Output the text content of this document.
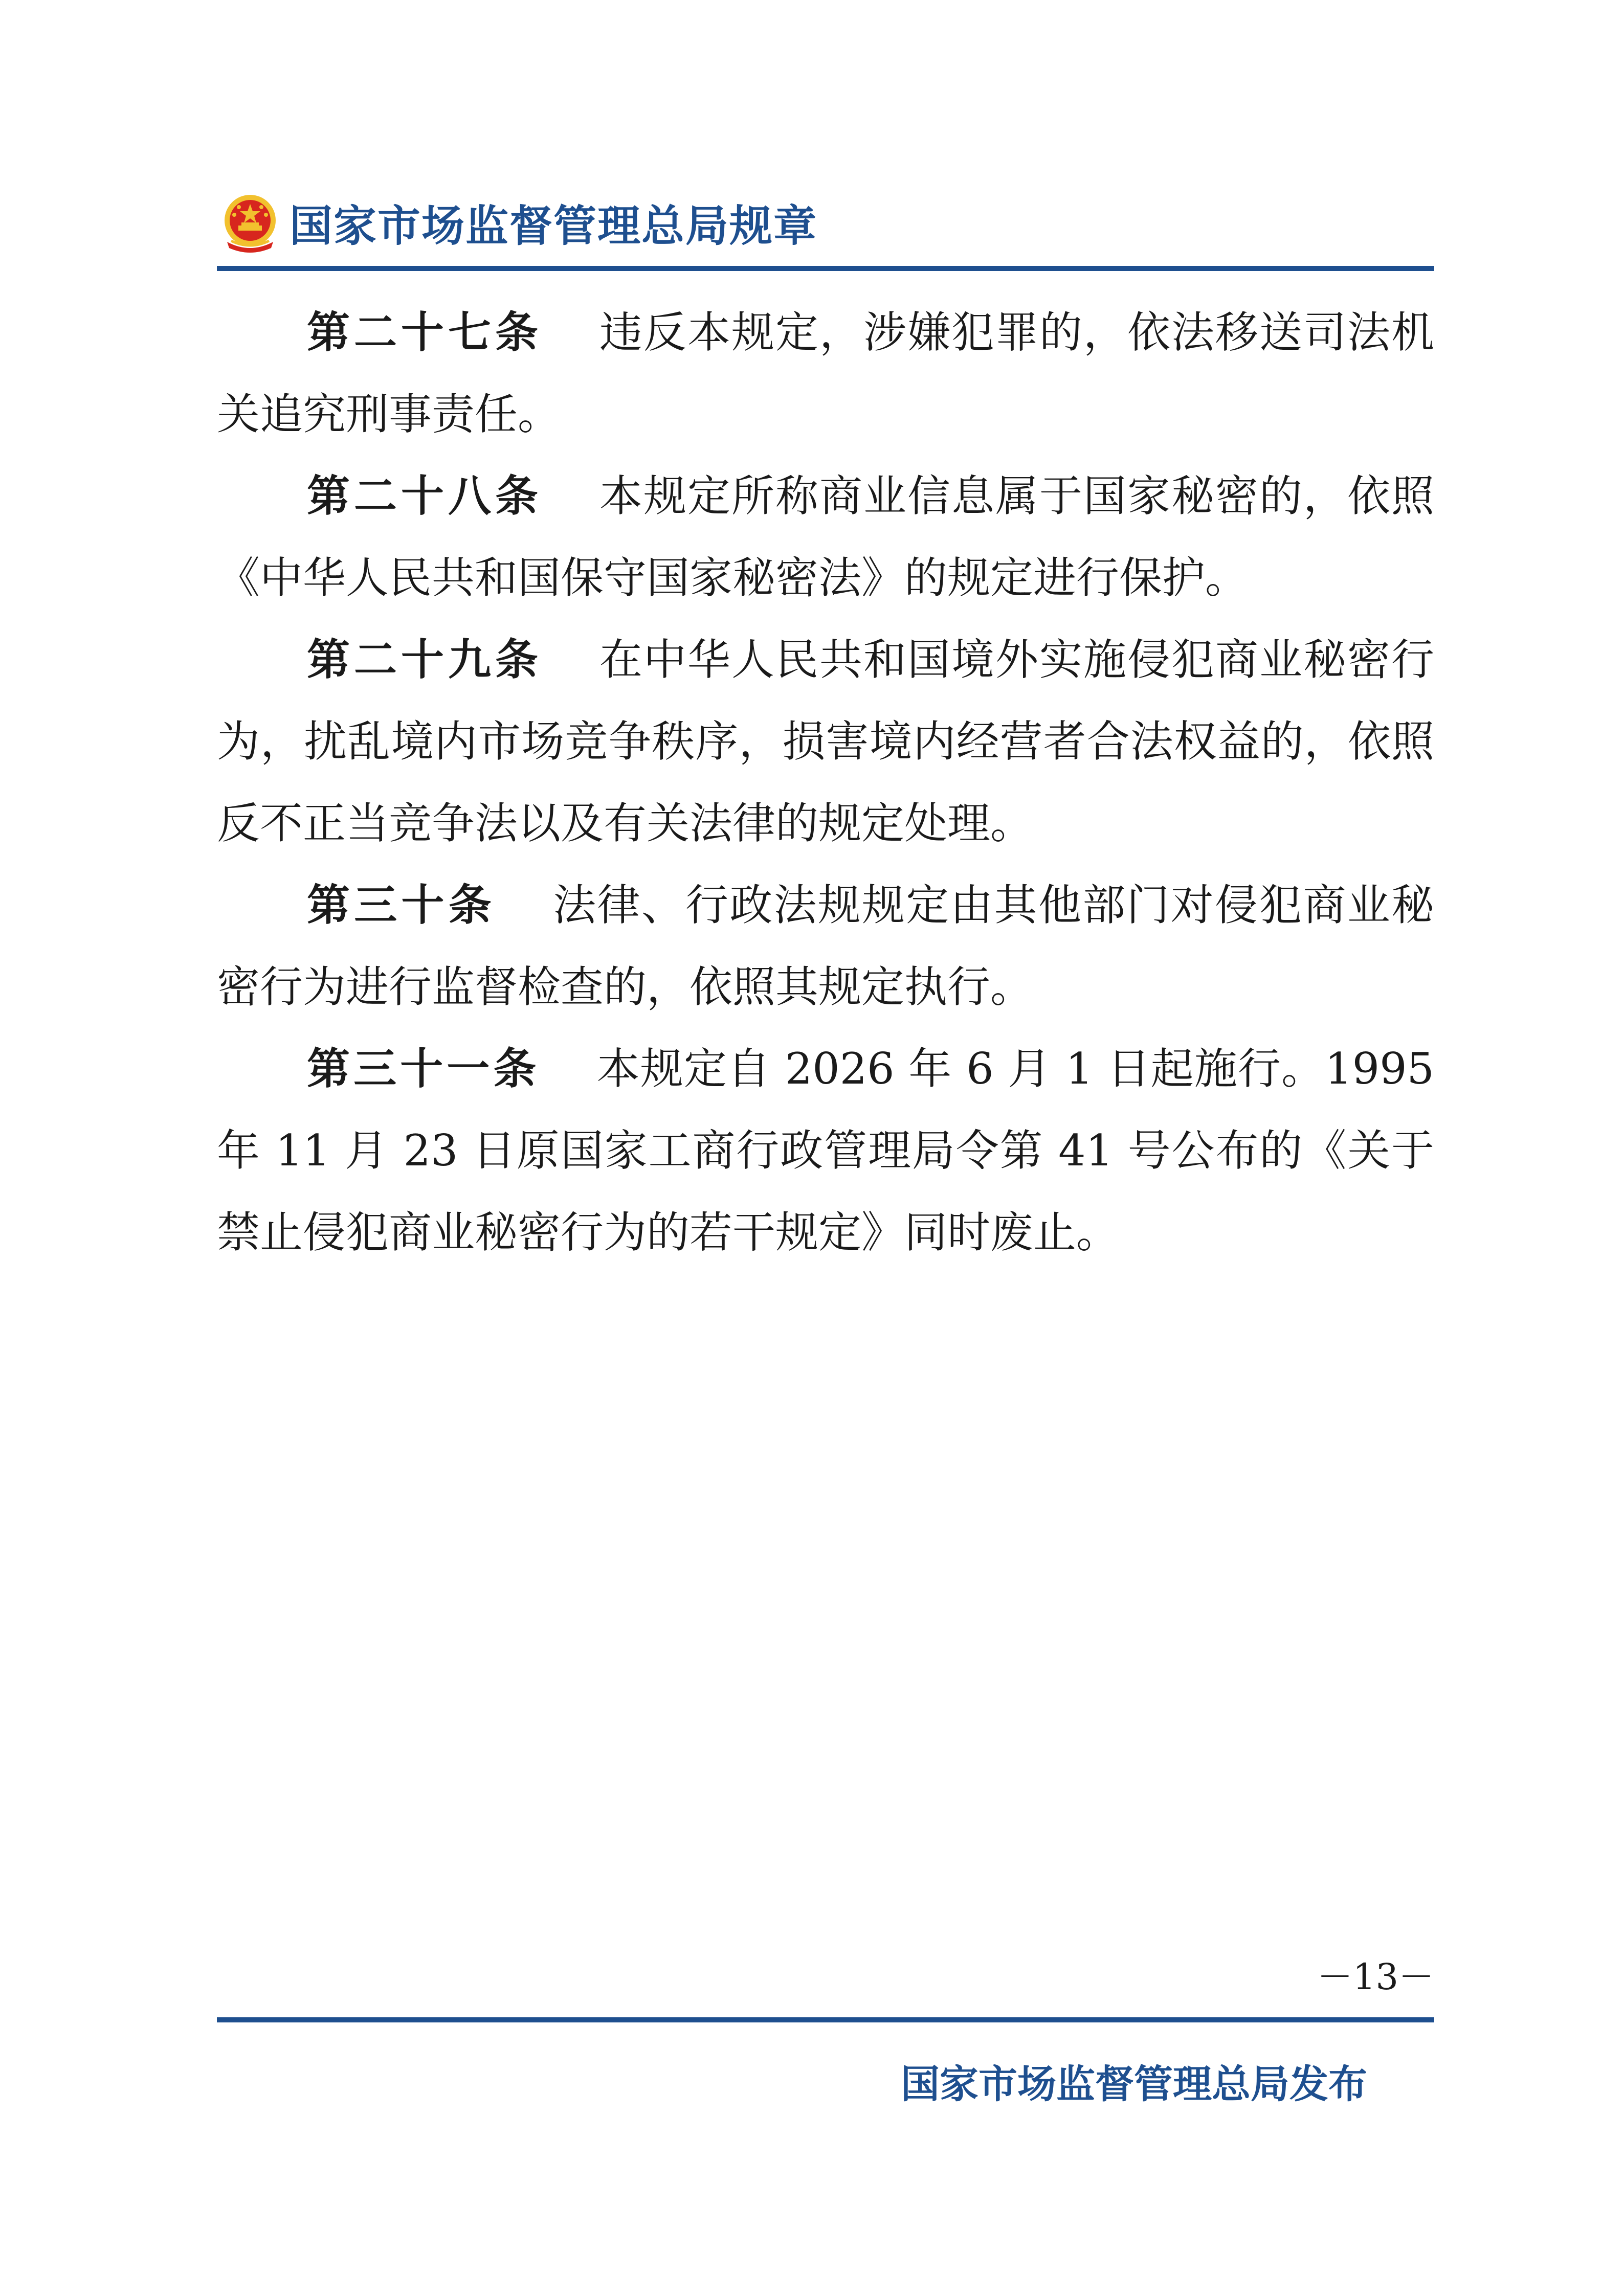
国家市场监督管理总局规章

第二十七条 违反本规定，涉嫌犯罪的，依法移送司法机关追究刑事责任。

第二十八条 本规定所称商业信息属于国家秘密的，依照《中华人民共和国保守国家秘密法》的规定进行保护。

第二十九条 在中华人民共和国境外实施侵犯商业秘密行为，扰乱境内市场竞争秩序，损害境内经营者合法权益的，依照反不正当竞争法以及有关法律的规定处理。

第三十条 法律、行政法规规定由其他部门对侵犯商业秘密行为进行监督检查的，依照其规定执行。

第三十一条 本规定自 2026 年 6 月 1 日起施行。1995 年 11 月 23 日原国家工商行政管理局令第 41 号公布的《关于禁止侵犯商业秘密行为的若干规定》同时废止。

－13－
国家市场监督管理总局发布
